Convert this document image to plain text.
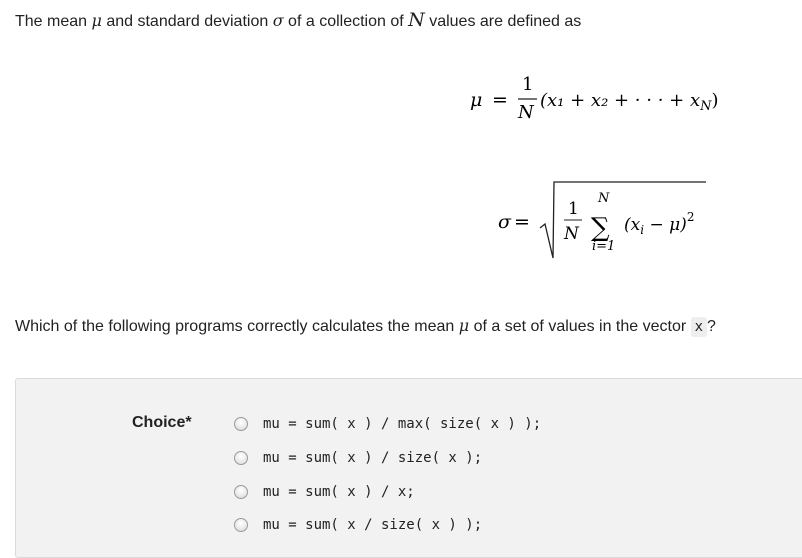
The mean μ and standard deviation σ of a collection of N values are defined as
μ =
1
N
(x₁ + x₂ + · · · + $x_N$)
σ =
1
N
N
∑
i=1
$(x_i - \mu)^2$
Which of the following programs correctly calculates the mean μ of a set of values in the vector x ?
Choice*	mu = sum( x ) / max( size( x ) );
mu = sum( x ) / size( x );
mu = sum( x ) / x;
mu = sum( x / size( x ) );
